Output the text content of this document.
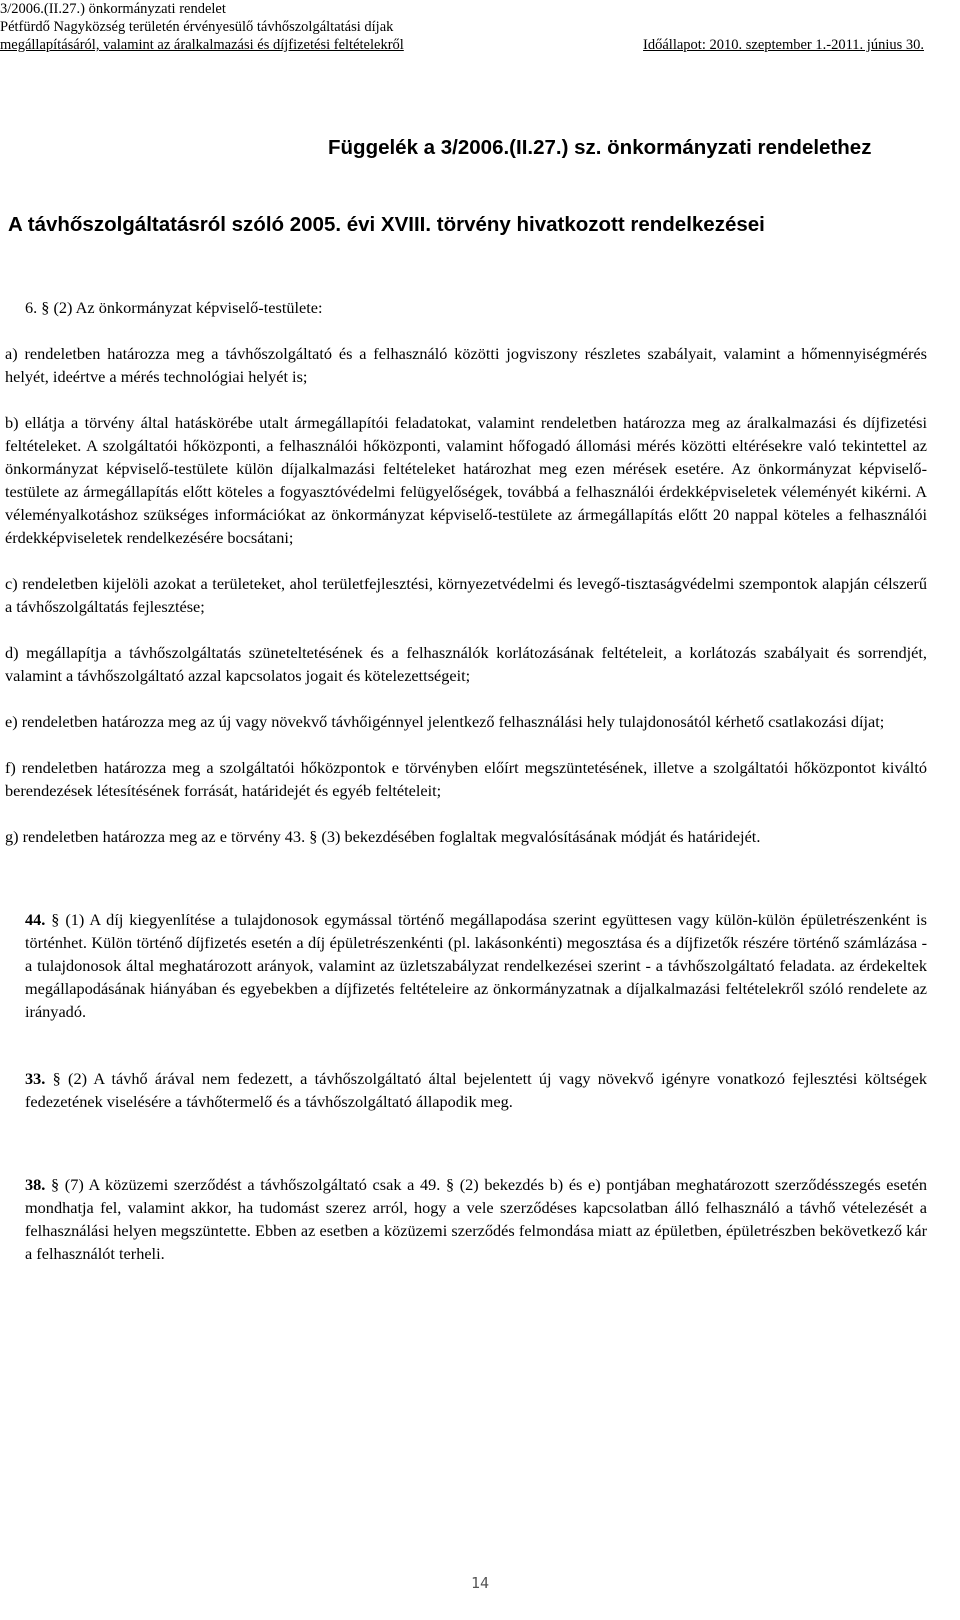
3/2006.(II.27.) önkormányzati rendelet
Pétfürdő Nagyközség területén érvényesülő távhőszolgáltatási díjak
megállapításáról, valamint az áralkalmazási és díjfizetési feltételekről	Időállapot: 2010. szeptember 1.-2011. június 30.
Függelék a 3/2006.(II.27.) sz. önkormányzati rendelethez
A távhőszolgáltatásról szóló 2005. évi XVIII. törvény hivatkozott rendelkezései

6. § (2) Az önkormányzat képviselő-testülete:

a) rendeletben határozza meg a távhőszolgáltató és a felhasználó közötti jogviszony részletes szabályait, valamint a hőmennyiségmérés helyét, ideértve a mérés technológiai helyét is;

b) ellátja a törvény által hatáskörébe utalt ármegállapítói feladatokat, valamint rendeletben határozza meg az áralkalmazási és díjfizetési feltételeket. A szolgáltatói hőközponti, a felhasználói hőközponti, valamint hőfogadó állomási mérés közötti eltérésekre való tekintettel az önkormányzat képviselő-testülete külön díjalkalmazási feltételeket határozhat meg ezen mérések esetére. Az önkormányzat képviselő-testülete az ármegállapítás előtt köteles a fogyasztóvédelmi felügyelőségek, továbbá a felhasználói érdekképviseletek véleményét kikérni. A véleményalkotáshoz szükséges információkat az önkormányzat képviselő-testülete az ármegállapítás előtt 20 nappal köteles a felhasználói érdekképviseletek rendelkezésére bocsátani;

c) rendeletben kijelöli azokat a területeket, ahol területfejlesztési, környezetvédelmi és levegő-tisztaságvédelmi szempontok alapján célszerű a távhőszolgáltatás fejlesztése;

d) megállapítja a távhőszolgáltatás szüneteltetésének és a felhasználók korlátozásának feltételeit, a korlátozás szabályait és sorrendjét, valamint a távhőszolgáltató azzal kapcsolatos jogait és kötelezettségeit;

e) rendeletben határozza meg az új vagy növekvő távhőigénnyel jelentkező felhasználási hely tulajdonosától kérhető csatlakozási díjat;

f) rendeletben határozza meg a szolgáltatói hőközpontok e törvényben előírt megszüntetésének, illetve a szolgáltatói hőközpontot kiváltó berendezések létesítésének forrását, határidejét és egyéb feltételeit;

g) rendeletben határozza meg az e törvény 43. § (3) bekezdésében foglaltak megvalósításának módját és határidejét.

44. § (1) A díj kiegyenlítése a tulajdonosok egymással történő megállapodása szerint együttesen vagy külön-külön épületrészenként is történhet. Külön történő díjfizetés esetén a díj épületrészenkénti (pl. lakásonkénti) megosztása és a díjfizetők részére történő számlázása - a tulajdonosok által meghatározott arányok, valamint az üzletszabályzat rendelkezései szerint - a távhőszolgáltató feladata. az érdekeltek megállapodásának hiányában és egyebekben a díjfizetés feltételeire az önkormányzatnak a díjalkalmazási feltételekről szóló rendelete az irányadó.

33. § (2) A távhő árával nem fedezett, a távhőszolgáltató által bejelentett új vagy növekvő igényre vonatkozó fejlesztési költségek fedezetének viselésére a távhőtermelő és a távhőszolgáltató állapodik meg.

38. § (7) A közüzemi szerződést a távhőszolgáltató csak a 49. § (2) bekezdés b) és e) pontjában meghatározott szerződésszegés esetén mondhatja fel, valamint akkor, ha tudomást szerez arról, hogy a vele szerződéses kapcsolatban álló felhasználó a távhő vételezését a felhasználási helyen megszüntette. Ebben az esetben a közüzemi szerződés felmondása miatt az épületben, épületrészben bekövetkező kár a felhasználót terheli.

14
